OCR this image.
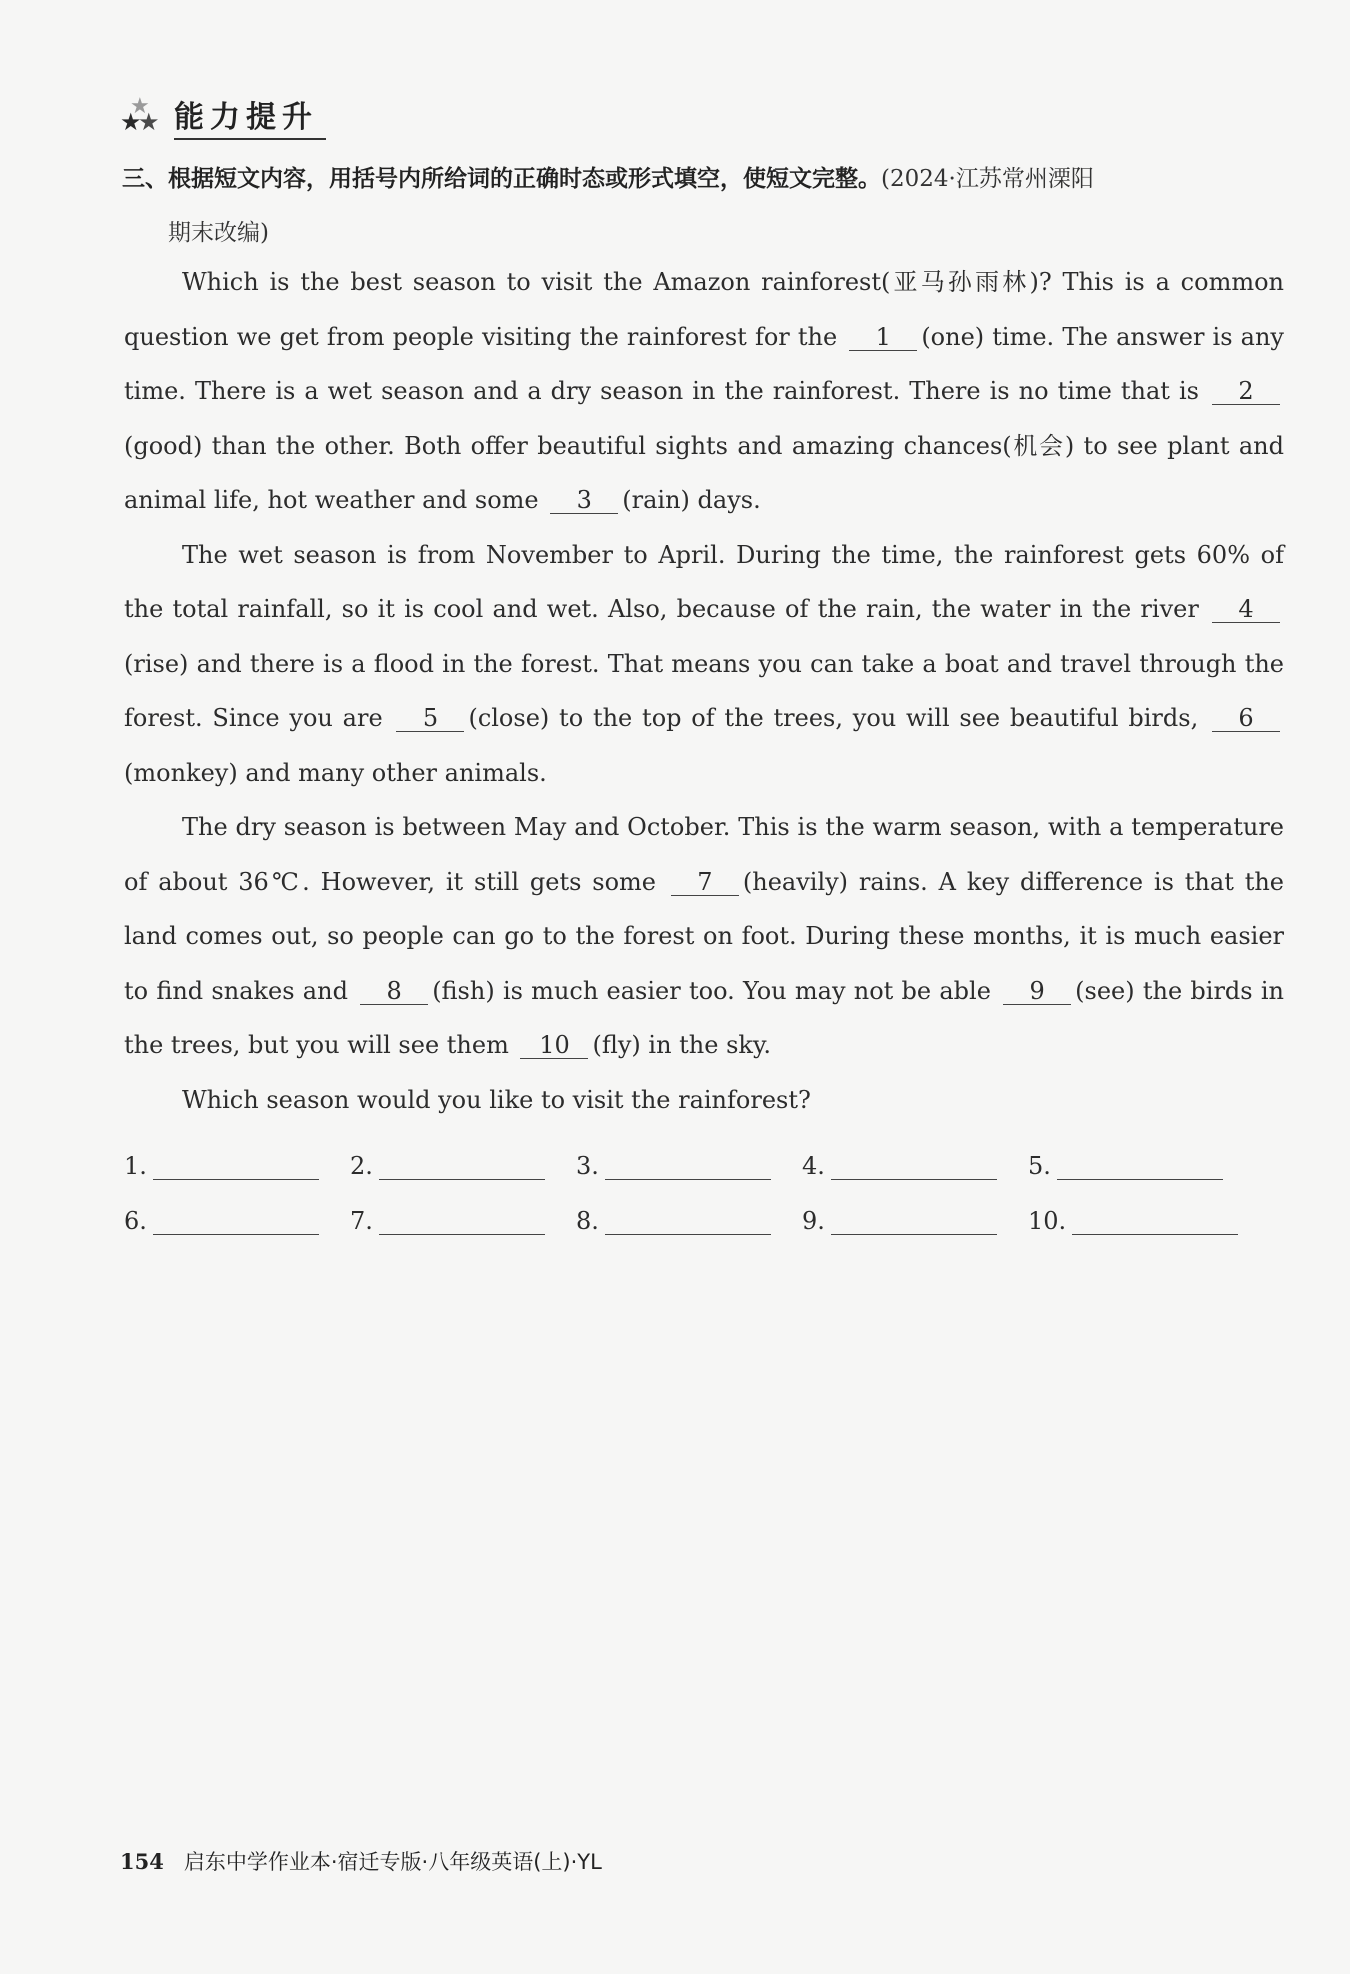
★
★
★ 能力提升
三、根据短文内容，用括号内所给词的正确时态或形式填空，使短文完整。(2024·江苏常州溧阳
期末改编)

Which is the best season to visit the Amazon rainforest(亚马孙雨林)? This is a common question we get from people visiting the rainforest for the 1 (one) time. The answer is any time. There is a wet season and a dry season in the rainforest. There is no time that is 2(good) than the other. Both offer beautiful sights and amazing chances(机会) to see plant and animal life, hot weather and some 3 (rain) days.

The wet season is from November to April. During the time, the rainforest gets 60% of the total rainfall, so it is cool and wet. Also, because of the rain, the water in the river 4(rise) and there is a flood in the forest. That means you can take a boat and travel through the forest. Since you are 5 (close) to the top of the trees, you will see beautiful birds, 6(monkey) and many other animals.

The dry season is between May and October. This is the warm season, with a temperature of about 36℃. However, it still gets some 7 (heavily) rains. A key difference is that the land comes out, so people can go to the forest on foot. During these months, it is much easier to find snakes and 8 (fish) is much easier too. You may not be able 9 (see) the birds in the trees, but you will see them 10 (fly) in the sky.

Which season would you like to visit the rainforest?

1.	2.	3.	4.	5.
6.	7.	8.	9.	10.
154 启东中学作业本·宿迁专版·八年级英语(上)·YL
